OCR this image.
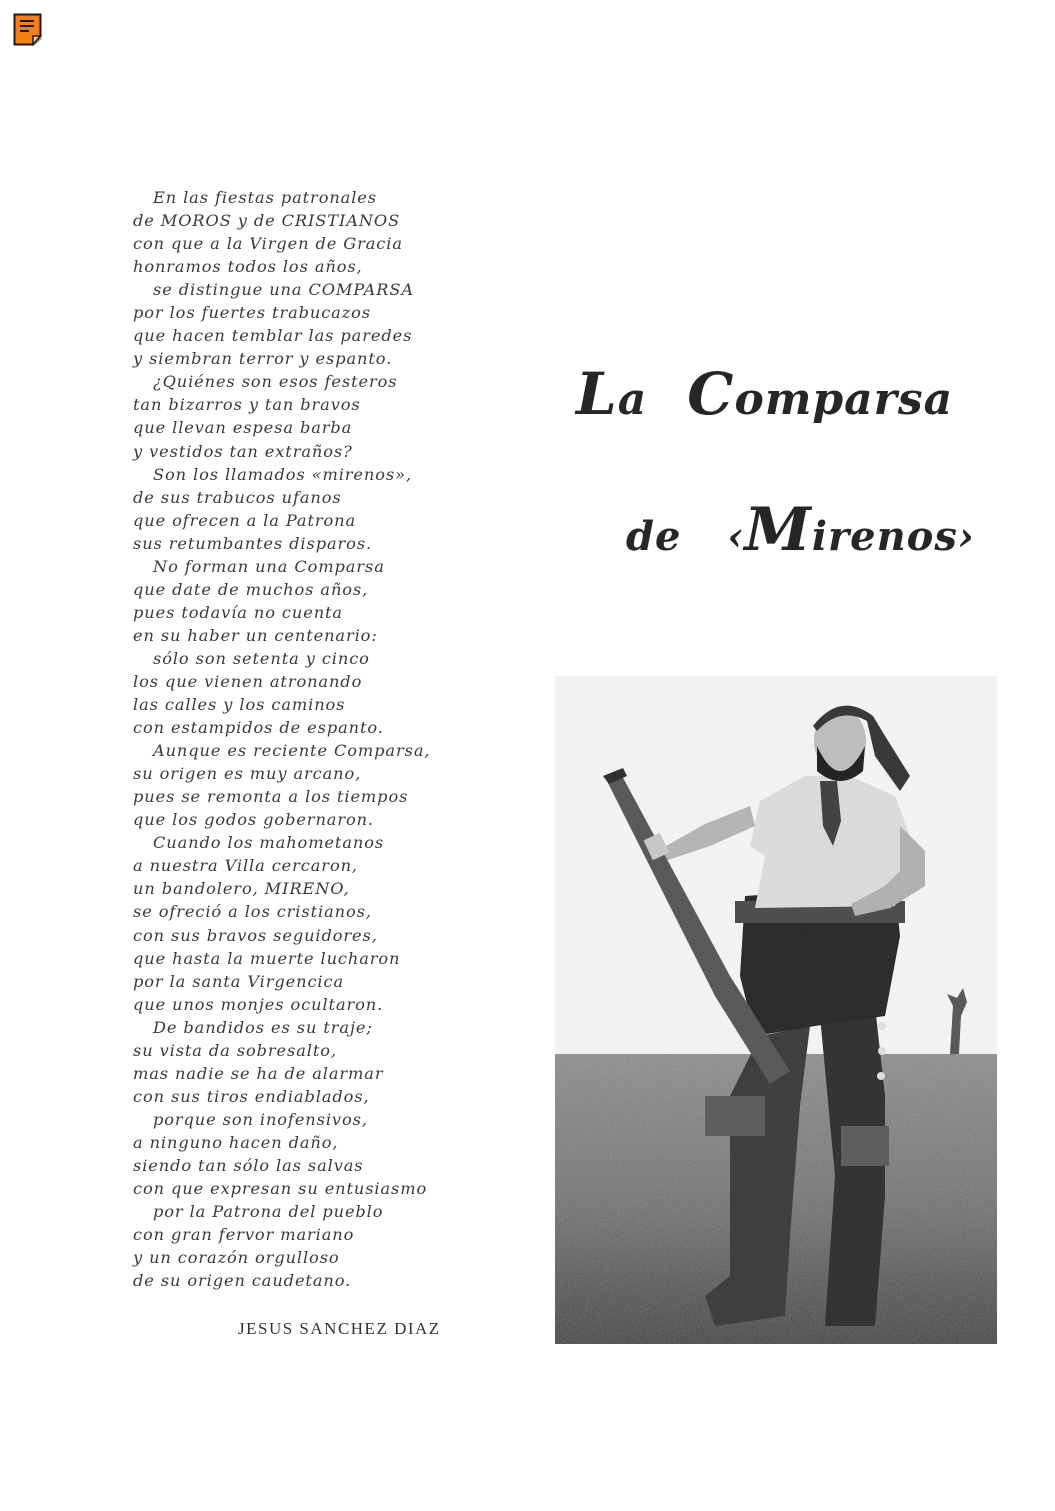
En las fiestas patronales
de MOROS y de CRISTIANOS
con que a la Virgen de Gracia
honramos todos los años,
se distingue una COMPARSA
por los fuertes trabucazos
que hacen temblar las paredes
y siembran terror y espanto.
¿Quiénes son esos festeros
tan bizarros y tan bravos
que llevan espesa barba
y vestidos tan extraños?
Son los llamados «mirenos»,
de sus trabucos ufanos
que ofrecen a la Patrona
sus retumbantes disparos.
No forman una Comparsa
que date de muchos años,
pues todavía no cuenta
en su haber un centenario:
sólo son setenta y cinco
los que vienen atronando
las calles y los caminos
con estampidos de espanto.
Aunque es reciente Comparsa,
su origen es muy arcano,
pues se remonta a los tiempos
que los godos gobernaron.
Cuando los mahometanos
a nuestra Villa cercaron,
un bandolero, MIRENO,
se ofreció a los cristianos,
con sus bravos seguidores,
que hasta la muerte lucharon
por la santa Virgencica
que unos monjes ocultaron.
De bandidos es su traje;
su vista da sobresalto,
mas nadie se ha de alarmar
con sus tiros endiablados,
porque son inofensivos,
a ninguno hacen daño,
siendo tan sólo las salvas
con que expresan su entusiasmo
por la Patrona del pueblo
con gran fervor mariano
y un corazón orgulloso
de su origen caudetano.
JESUS SANCHEZ DIAZ
La Comparsa
de ‹Mirenos›
